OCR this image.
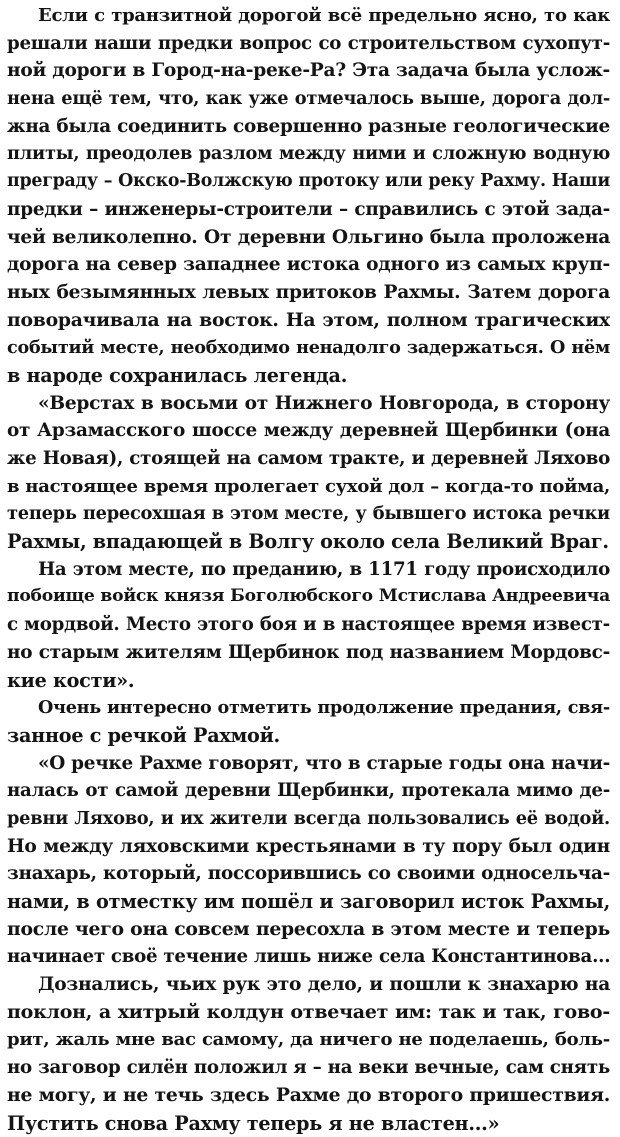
Если с транзитной дорогой всё предельно ясно, то как
решали наши предки вопрос со строительством сухопут-
ной дороги в Город-на-реке-Ра? Эта задача была услож-
нена ещё тем, что, как уже отмечалось выше, дорога дол-
жна была соединить совершенно разные геологические
плиты, преодолев разлом между ними и сложную водную
преграду – Окско-Волжскую протоку или реку Рахму. Наши
предки – инженеры-строители – справились с этой зада-
чей великолепно. От деревни Ольгино была проложена
дорога на север западнее истока одного из самых круп-
ных безымянных левых притоков Рахмы. Затем дорога
поворачивала на восток. На этом, полном трагических
событий месте, необходимо ненадолго задержаться. О нём
в народе сохранилась легенда.
«Верстах в восьми от Нижнего Новгорода, в сторону
от Арзамасского шоссе между деревней Щербинки (она
же Новая), стоящей на самом тракте, и деревней Ляхово
в настоящее время пролегает сухой дол – когда-то пойма,
теперь пересохшая в этом месте, у бывшего истока речки
Рахмы, впадающей в Волгу около села Великий Враг.
На этом месте, по преданию, в 1171 году происходило
побоище войск князя Боголюбского Мстислава Андреевича
с мордвой. Место этого боя и в настоящее время извест-
но старым жителям Щербинок под названием Мордовс-
кие кости».
Очень интересно отметить продолжение предания, свя-
занное с речкой Рахмой.
«О речке Рахме говорят, что в старые годы она начи-
налась от самой деревни Щербинки, протекала мимо де-
ревни Ляхово, и их жители всегда пользовались её водой.
Но между ляховскими крестьянами в ту пору был один
знахарь, который, поссорившись со своими односельча-
нами, в отместку им пошёл и заговорил исток Рахмы,
после чего она совсем пересохла в этом месте и теперь
начинает своё течение лишь ниже села Константинова...
Дознались, чьих рук это дело, и пошли к знахарю на
поклон, а хитрый колдун отвечает им: так и так, гово-
рит, жаль мне вас самому, да ничего не поделаешь, боль-
но заговор силён положил я – на веки вечные, сам снять
не могу, и не течь здесь Рахме до второго пришествия.
Пустить снова Рахму теперь я не властен...»
